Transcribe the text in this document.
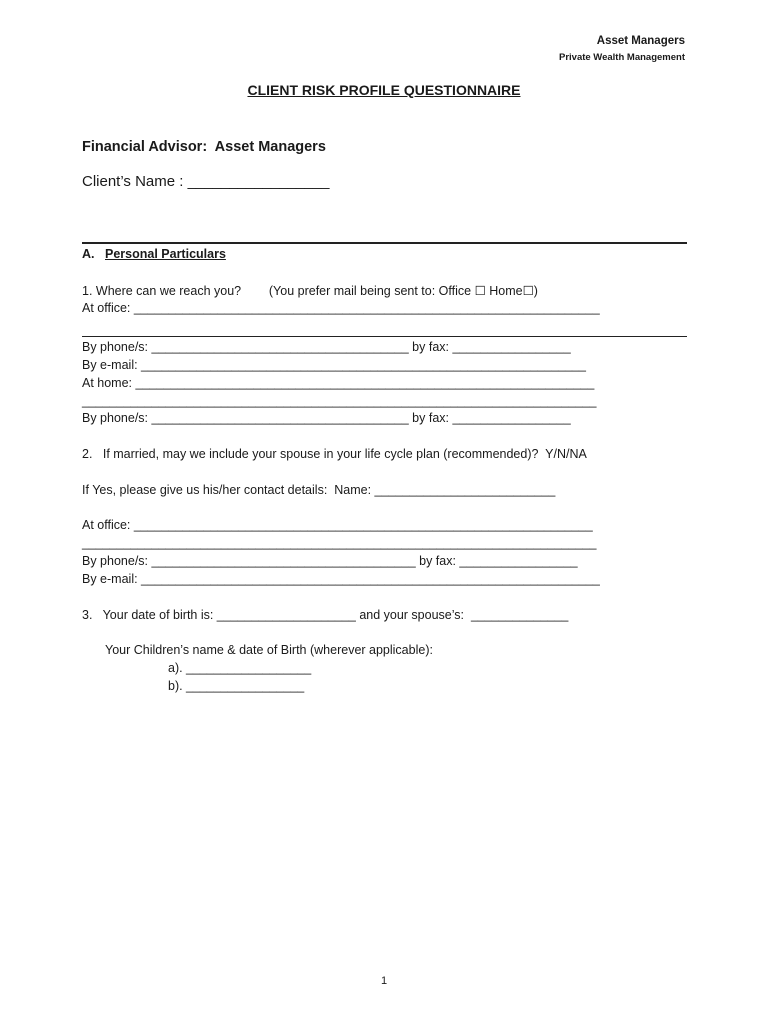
Asset Managers
Private Wealth Management
CLIENT RISK PROFILE QUESTIONNAIRE
Financial Advisor:  Asset Managers
Client’s Name : _________________
A. Personal Particulars
1. Where can we reach you?        (You prefer mail being sent to: Office ☐ Home☐)
At office: ___________________________________________________________________
By phone/s: _____________________________________ by fax: _________________
By e-mail: ________________________________________________________________
At home: __________________________________________________________________
__________________________________________________________________________
By phone/s: _____________________________________ by fax: _________________
2.   If married, may we include your spouse in your life cycle plan (recommended)?  Y/N/NA
If Yes, please give us his/her contact details:  Name: __________________________
At office: __________________________________________________________________
__________________________________________________________________________
By phone/s: ______________________________________ by fax: _________________
By e-mail: __________________________________________________________________
3.   Your date of birth is: ____________________ and your spouse’s:  ______________
Your Children’s name & date of Birth (wherever applicable):
a). __________________
b). _________________
1
